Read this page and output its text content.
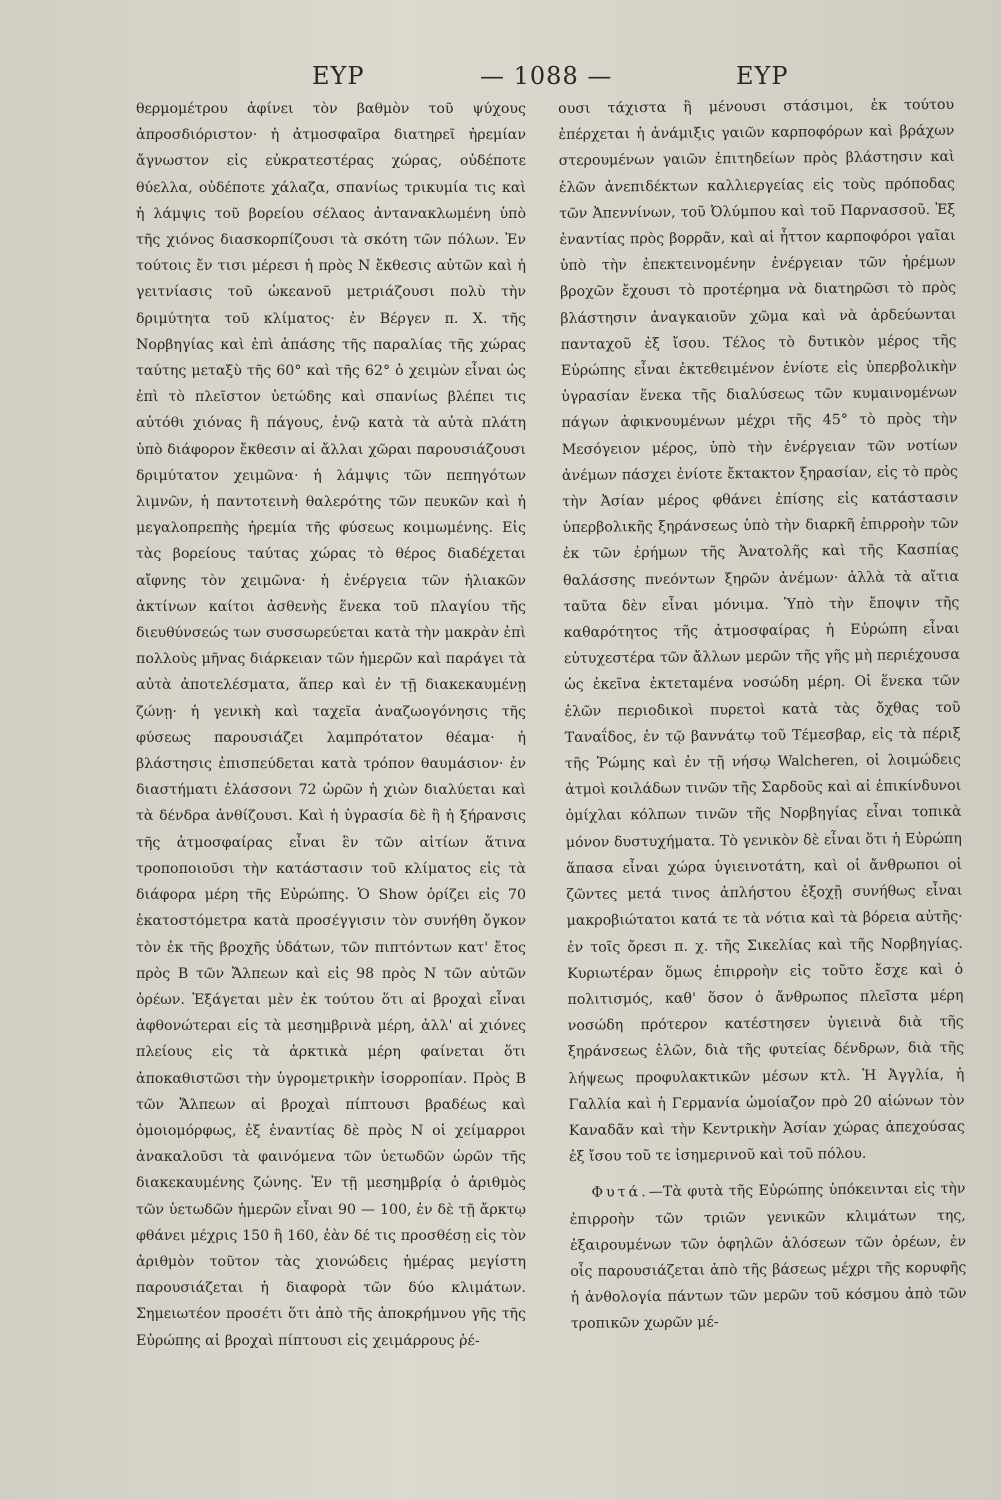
ΕΥΡ	— 1088 —	ΕΥΡ

θερμομέτρου ἀφίνει τὸν βαθμὸν τοῦ ψύχους ἀπροσδιόριστον· ἡ ἀτμοσφαῖρα διατηρεῖ ἠρεμίαν ἄγνωστον εἰς εὐκρατεστέρας χώρας, οὐδέποτε θύελλα, οὐδέποτε χάλαζα, σπανίως τρικυμία τις καὶ ἡ λάμψις τοῦ βορείου σέλαος ἀντανακλωμένη ὑπὸ τῆς χιόνος διασκορπίζουσι τὰ σκότη τῶν πόλων. Ἐν τούτοις ἔν τισι μέρεσι ἡ πρὸς Ν ἔκθεσις αὐτῶν καὶ ἡ γειτνίασις τοῦ ὠκεανοῦ μετριάζουσι πολὺ τὴν δριμύτητα τοῦ κλίματος· ἐν Βέργεν π. Χ. τῆς Νορβηγίας καὶ ἐπὶ ἁπάσης τῆς παραλίας τῆς χώρας ταύτης μεταξὺ τῆς 60° καὶ τῆς 62° ὁ χειμὼν εἶναι ὡς ἐπὶ τὸ πλεῖστον ὑετώδης καὶ σπανίως βλέπει τις αὐτόθι χιόνας ἢ πάγους, ἐνῷ κατὰ τὰ αὐτὰ πλάτη ὑπὸ διάφορον ἔκθεσιν αἱ ἄλλαι χῶραι παρουσιάζουσι δριμύτατον χειμῶνα· ἡ λάμψις τῶν πεπηγότων λιμνῶν, ἡ παντοτεινὴ θαλερότης τῶν πευκῶν καὶ ἡ μεγαλοπρεπὴς ἠρεμία τῆς φύσεως κοιμωμένης. Εἰς τὰς βορείους ταύτας χώρας τὸ θέρος διαδέχεται αἴφνης τὸν χειμῶνα· ἡ ἐνέργεια τῶν ἡλιακῶν ἀκτίνων καίτοι ἀσθενὴς ἕνεκα τοῦ πλαγίου τῆς διευθύνσεώς των συσσωρεύεται κατὰ τὴν μακρὰν ἐπὶ πολλοὺς μῆνας διάρκειαν τῶν ἡμερῶν καὶ παράγει τὰ αὐτὰ ἀποτελέσματα, ἅπερ καὶ ἐν τῇ διακεκαυμένῃ ζώνῃ· ἡ γενικὴ καὶ ταχεῖα ἀναζωογόνησις τῆς φύσεως παρουσιάζει λαμπρότατον θέαμα· ἡ βλάστησις ἐπισπεύδεται κατὰ τρόπον θαυμάσιον· ἐν διαστήματι ἐλάσσονι 72 ὡρῶν ἡ χιὼν διαλύεται καὶ τὰ δένδρα ἀνθίζουσι. Καὶ ἡ ὑγρασία δὲ ἢ ἡ ξήρανσις τῆς ἀτμοσφαίρας εἶναι ἓν τῶν αἰτίων ἅτινα τροποποιοῦσι τὴν κατάστασιν τοῦ κλίματος εἰς τὰ διάφορα μέρη τῆς Εὐρώπης. Ὁ Show ὁρίζει εἰς 70 ἑκατοστόμετρα κατὰ προσέγγισιν τὸν συνήθη ὄγκον τὸν ἐκ τῆς βροχῆς ὑδάτων, τῶν πιπτόντων κατ' ἔτος πρὸς Β τῶν Ἄλπεων καὶ εἰς 98 πρὸς Ν τῶν αὐτῶν ὀρέων. Ἐξάγεται μὲν ἐκ τούτου ὅτι αἱ βροχαὶ εἶναι ἀφθονώτεραι εἰς τὰ μεσημβρινὰ μέρη, ἀλλ' αἱ χιόνες πλείους εἰς τὰ ἀρκτικὰ μέρη φαίνεται ὅτι ἀποκαθιστῶσι τὴν ὑγρομετρικὴν ἰσορροπίαν. Πρὸς Β τῶν Ἄλπεων αἱ βροχαὶ πίπτουσι βραδέως καὶ ὁμοιομόρφως, ἐξ ἐναντίας δὲ πρὸς Ν οἱ χείμαρροι ἀνακαλοῦσι τὰ φαινόμενα τῶν ὑετωδῶν ὡρῶν τῆς διακεκαυμένης ζώνης. Ἐν τῇ μεσημβρίᾳ ὁ ἀριθμὸς τῶν ὑετωδῶν ἡμερῶν εἶναι 90 — 100, ἐν δὲ τῇ ἄρκτῳ φθάνει μέχρις 150 ἢ 160, ἐὰν δέ τις προσθέσῃ εἰς τὸν ἀριθμὸν τοῦτον τὰς χιονώδεις ἡμέρας μεγίστη παρουσιάζεται ἡ διαφορὰ τῶν δύο κλιμάτων. Σημειωτέον προσέτι ὅτι ἀπὸ τῆς ἀποκρήμνου γῆς τῆς Εὐρώπης αἱ βροχαὶ πίπτουσι εἰς χειμάρρους ῥέ-

ουσι τάχιστα ἢ μένουσι στάσιμοι, ἐκ τούτου ἐπέρχεται ἡ ἀνάμιξις γαιῶν καρποφόρων καὶ βράχων στερουμένων γαιῶν ἐπιτηδείων πρὸς βλάστησιν καὶ ἑλῶν ἀνεπιδέκτων καλλιεργείας εἰς τοὺς πρόποδας τῶν Ἀπεννίνων, τοῦ Ὀλύμπου καὶ τοῦ Παρνασσοῦ. Ἐξ ἐναντίας πρὸς βορρᾶν, καὶ αἱ ἧττον καρποφόροι γαῖαι ὑπὸ τὴν ἐπεκτεινομένην ἐνέργειαν τῶν ἠρέμων βροχῶν ἔχουσι τὸ προτέρημα νὰ διατηρῶσι τὸ πρὸς βλάστησιν ἀναγκαιοῦν χῶμα καὶ νὰ ἀρδεύωνται πανταχοῦ ἐξ ἴσου. Τέλος τὸ δυτικὸν μέρος τῆς Εὐρώπης εἶναι ἐκτεθειμένον ἐνίοτε εἰς ὑπερβολικὴν ὑγρασίαν ἕνεκα τῆς διαλύσεως τῶν κυμαινομένων πάγων ἀφικνουμένων μέχρι τῆς 45° τὸ πρὸς τὴν Μεσόγειον μέρος, ὑπὸ τὴν ἐνέργειαν τῶν νοτίων ἀνέμων πάσχει ἐνίοτε ἔκτακτον ξηρασίαν, εἰς τὸ πρὸς τὴν Ἀσίαν μέρος φθάνει ἐπίσης εἰς κατάστασιν ὑπερβολικῆς ξηράνσεως ὑπὸ τὴν διαρκῆ ἐπιρροὴν τῶν ἐκ τῶν ἐρήμων τῆς Ἀνατολῆς καὶ τῆς Κασπίας θαλάσσης πνεόντων ξηρῶν ἀνέμων· ἀλλὰ τὰ αἴτια ταῦτα δὲν εἶναι μόνιμα. Ὑπὸ τὴν ἔποψιν τῆς καθαρότητος τῆς ἀτμοσφαίρας ἡ Εὐρώπη εἶναι εὐτυχεστέρα τῶν ἄλλων μερῶν τῆς γῆς μὴ περιέχουσα ὡς ἐκεῖνα ἐκτεταμένα νοσώδη μέρη. Οἱ ἕνεκα τῶν ἑλῶν περιοδικοὶ πυρετοὶ κατὰ τὰς ὄχθας τοῦ Ταναΐδος, ἐν τῷ βαννάτῳ τοῦ Τέμεσβαρ, εἰς τὰ πέριξ τῆς Ῥώμης καὶ ἐν τῇ νήσῳ Walcheren, οἱ λοιμώδεις ἀτμοὶ κοιλάδων τινῶν τῆς Σαρδοῦς καὶ αἱ ἐπικίνδυνοι ὀμίχλαι κόλπων τινῶν τῆς Νορβηγίας εἶναι τοπικὰ μόνον δυστυχήματα. Τὸ γενικὸν δὲ εἶναι ὅτι ἡ Εὐρώπη ἅπασα εἶναι χώρα ὑγιεινοτάτη, καὶ οἱ ἄνθρωποι οἱ ζῶντες μετά τινος ἀπλήστου ἐξοχῇ συνήθως εἶναι μακροβιώτατοι κατά τε τὰ νότια καὶ τὰ βόρεια αὐτῆς· ἐν τοῖς ὄρεσι π. χ. τῆς Σικελίας καὶ τῆς Νορβηγίας. Κυριωτέραν ὅμως ἐπιρροὴν εἰς τοῦτο ἔσχε καὶ ὁ πολιτισμός, καθ' ὅσον ὁ ἄνθρωπος πλεῖστα μέρη νοσώδη πρότερον κατέστησεν ὑγιεινὰ διὰ τῆς ξηράνσεως ἑλῶν, διὰ τῆς φυτείας δένδρων, διὰ τῆς λήψεως προφυλακτικῶν μέσων κτλ. Ἡ Ἀγγλία, ἡ Γαλλία καὶ ἡ Γερμανία ὡμοίαζον πρὸ 20 αἰώνων τὸν Καναδᾶν καὶ τὴν Κεντρικὴν Ἀσίαν χώρας ἀπεχούσας ἐξ ἴσου τοῦ τε ἰσημερινοῦ καὶ τοῦ πόλου.

Φυτά.—Τὰ φυτὰ τῆς Εὐρώπης ὑπόκεινται εἰς τὴν ἐπιρροὴν τῶν τριῶν γενικῶν κλιμάτων της, ἐξαιρουμένων τῶν ὀφηλῶν ἀλόσεων τῶν ὀρέων, ἐν οἷς παρουσιάζεται ἀπὸ τῆς βάσεως μέχρι τῆς κορυφῆς ἡ ἀνθολογία πάντων τῶν μερῶν τοῦ κόσμου ἀπὸ τῶν τροπικῶν χωρῶν μέ-
